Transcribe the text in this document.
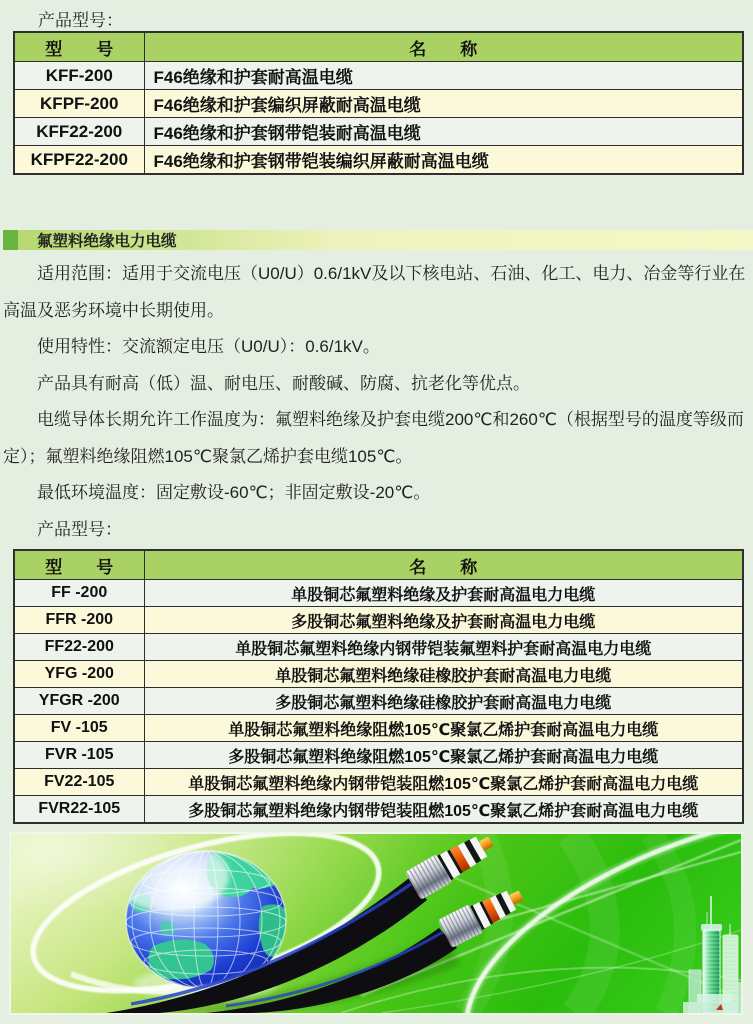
产品型号：
型　　号	名　　称
KFF-200	F46绝缘和护套耐高温电缆
KFPF-200	F46绝缘和护套编织屏蔽耐高温电缆
KFF22-200	F46绝缘和护套钢带铠装耐高温电缆
KFPF22-200	F46绝缘和护套钢带铠装编织屏蔽耐高温电缆
氟塑料绝缘电力电缆

适用范围：适用于交流电压（U0/U）0.6/1kV及以下核电站、石油、化工、电力、冶金等行业在高温及恶劣环境中长期使用。

使用特性：交流额定电压（U0/U）：0.6/1kV。

产品具有耐高（低）温、耐电压、耐酸碱、防腐、抗老化等优点。

电缆导体长期允许工作温度为：氟塑料绝缘及护套电缆200℃和260℃（根据型号的温度等级而定）；氟塑料绝缘阻燃105℃聚氯乙烯护套电缆105℃。

最低环境温度：固定敷设-60℃；非固定敷设-20℃。

产品型号：

型　　号	名　　称
FF -200	单股铜芯氟塑料绝缘及护套耐高温电力电缆
FFR -200	多股铜芯氟塑料绝缘及护套耐高温电力电缆
FF22-200	单股铜芯氟塑料绝缘内钢带铠装氟塑料护套耐高温电力电缆
YFG -200	单股铜芯氟塑料绝缘硅橡胶护套耐高温电力电缆
YFGR -200	多股铜芯氟塑料绝缘硅橡胶护套耐高温电力电缆
FV -105	单股铜芯氟塑料绝缘阻燃105℃聚氯乙烯护套耐高温电力电缆
FVR -105	多股铜芯氟塑料绝缘阻燃105℃聚氯乙烯护套耐高温电力电缆
FV22-105	单股铜芯氟塑料绝缘内钢带铠装阻燃105℃聚氯乙烯护套耐高温电力电缆
FVR22-105	多股铜芯氟塑料绝缘内钢带铠装阻燃105℃聚氯乙烯护套耐高温电力电缆
